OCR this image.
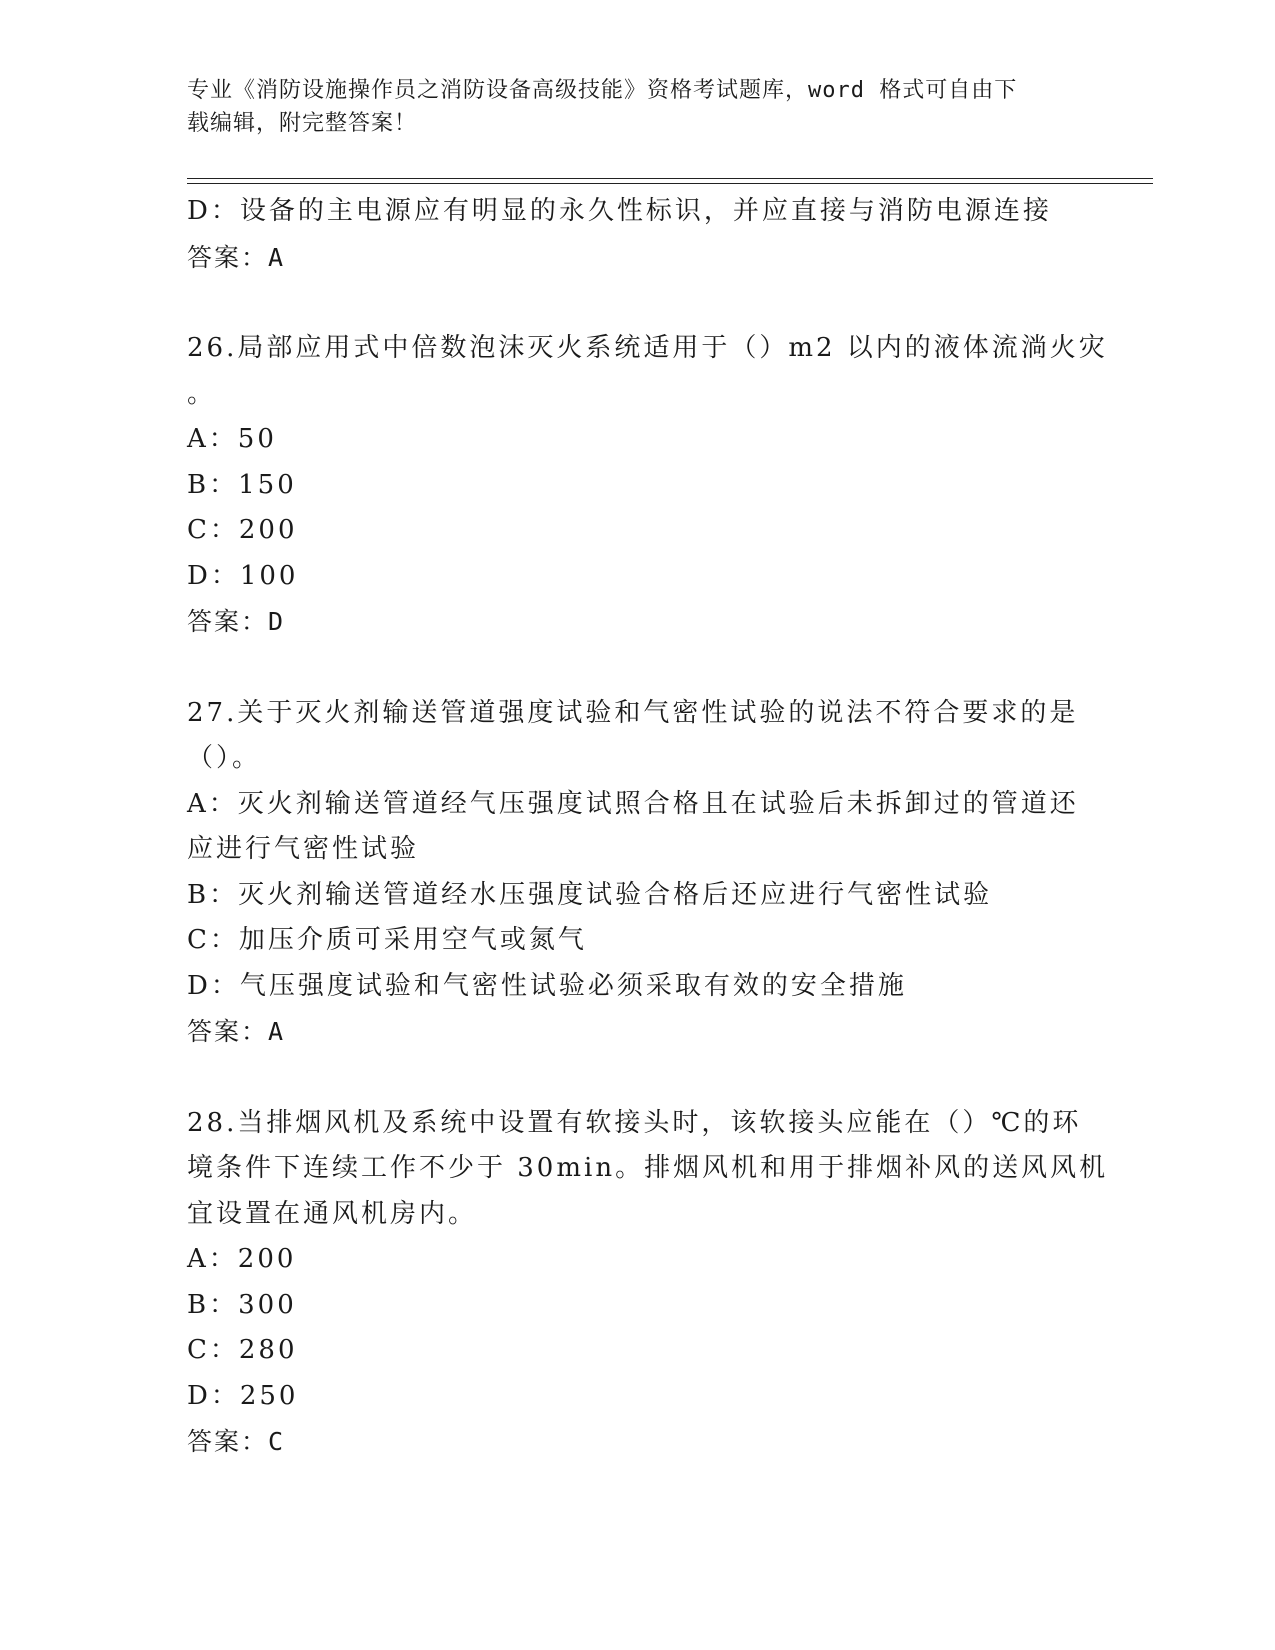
专业《消防设施操作员之消防设备高级技能》资格考试题库，word 格式可自由下
载编辑，附完整答案！
D：设备的主电源应有明显的永久性标识，并应直接与消防电源连接
答案：A
26.局部应用式中倍数泡沫灭火系统适用于（）m2 以内的液体流淌火灾
。
A：50
B：150
C：200
D：100
答案：D
27.关于灭火剂输送管道强度试验和气密性试验的说法不符合要求的是
（）。
A：灭火剂输送管道经气压强度试照合格且在试验后未拆卸过的管道还
应进行气密性试验
B：灭火剂输送管道经水压强度试验合格后还应进行气密性试验
C：加压介质可采用空气或氮气
D：气压强度试验和气密性试验必须采取有效的安全措施
答案：A
28.当排烟风机及系统中设置有软接头时，该软接头应能在（）℃的环
境条件下连续工作不少于 30min。排烟风机和用于排烟补风的送风风机
宜设置在通风机房内。
A：200
B：300
C：280
D：250
答案：C
